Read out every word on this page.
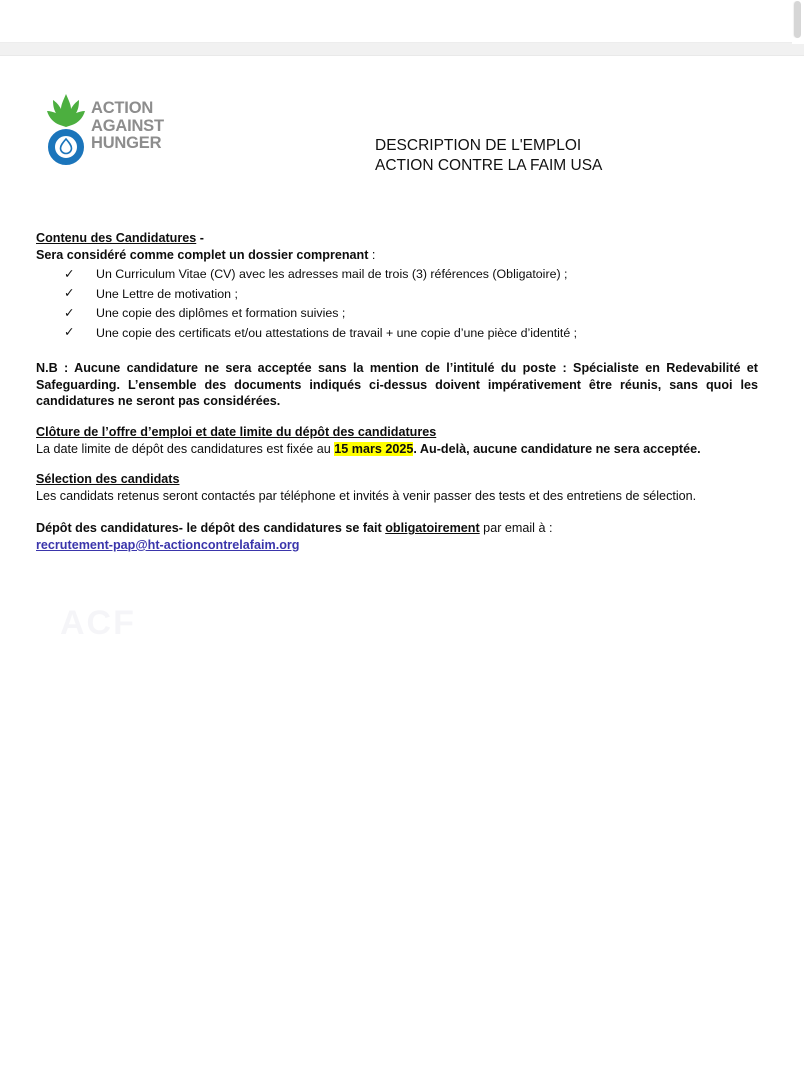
ACTION
AGAINST
HUNGER	DESCRIPTION DE L'EMPLOI
ACTION CONTRE LA FAIM USA
Contenu des Candidatures -
Sera considéré comme complet un dossier comprenant :
✓ Un Curriculum Vitae (CV) avec les adresses mail de trois (3) références (Obligatoire) ;
✓ Une Lettre de motivation ;
✓ Une copie des diplômes et formation suivies ;
✓ Une copie des certificats et/ou attestations de travail + une copie d’une pièce d’identité ;
N.B : Aucune candidature ne sera acceptée sans la mention de l’intitulé du poste : Spécialiste en Redevabilité et Safeguarding. L’ensemble des documents indiqués ci-dessus doivent impérativement être réunis, sans quoi les candidatures ne seront pas considérées.
Clôture de l’offre d’emploi et date limite du dépôt des candidatures
La date limite de dépôt des candidatures est fixée au 15 mars 2025. Au-delà, aucune candidature ne sera acceptée.
Sélection des candidats
Les candidats retenus seront contactés par téléphone et invités à venir passer des tests et des entretiens de sélection.
Dépôt des candidatures- le dépôt des candidatures se fait obligatoirement par email à :
recrutement-pap@ht-actioncontrelafaim.org
